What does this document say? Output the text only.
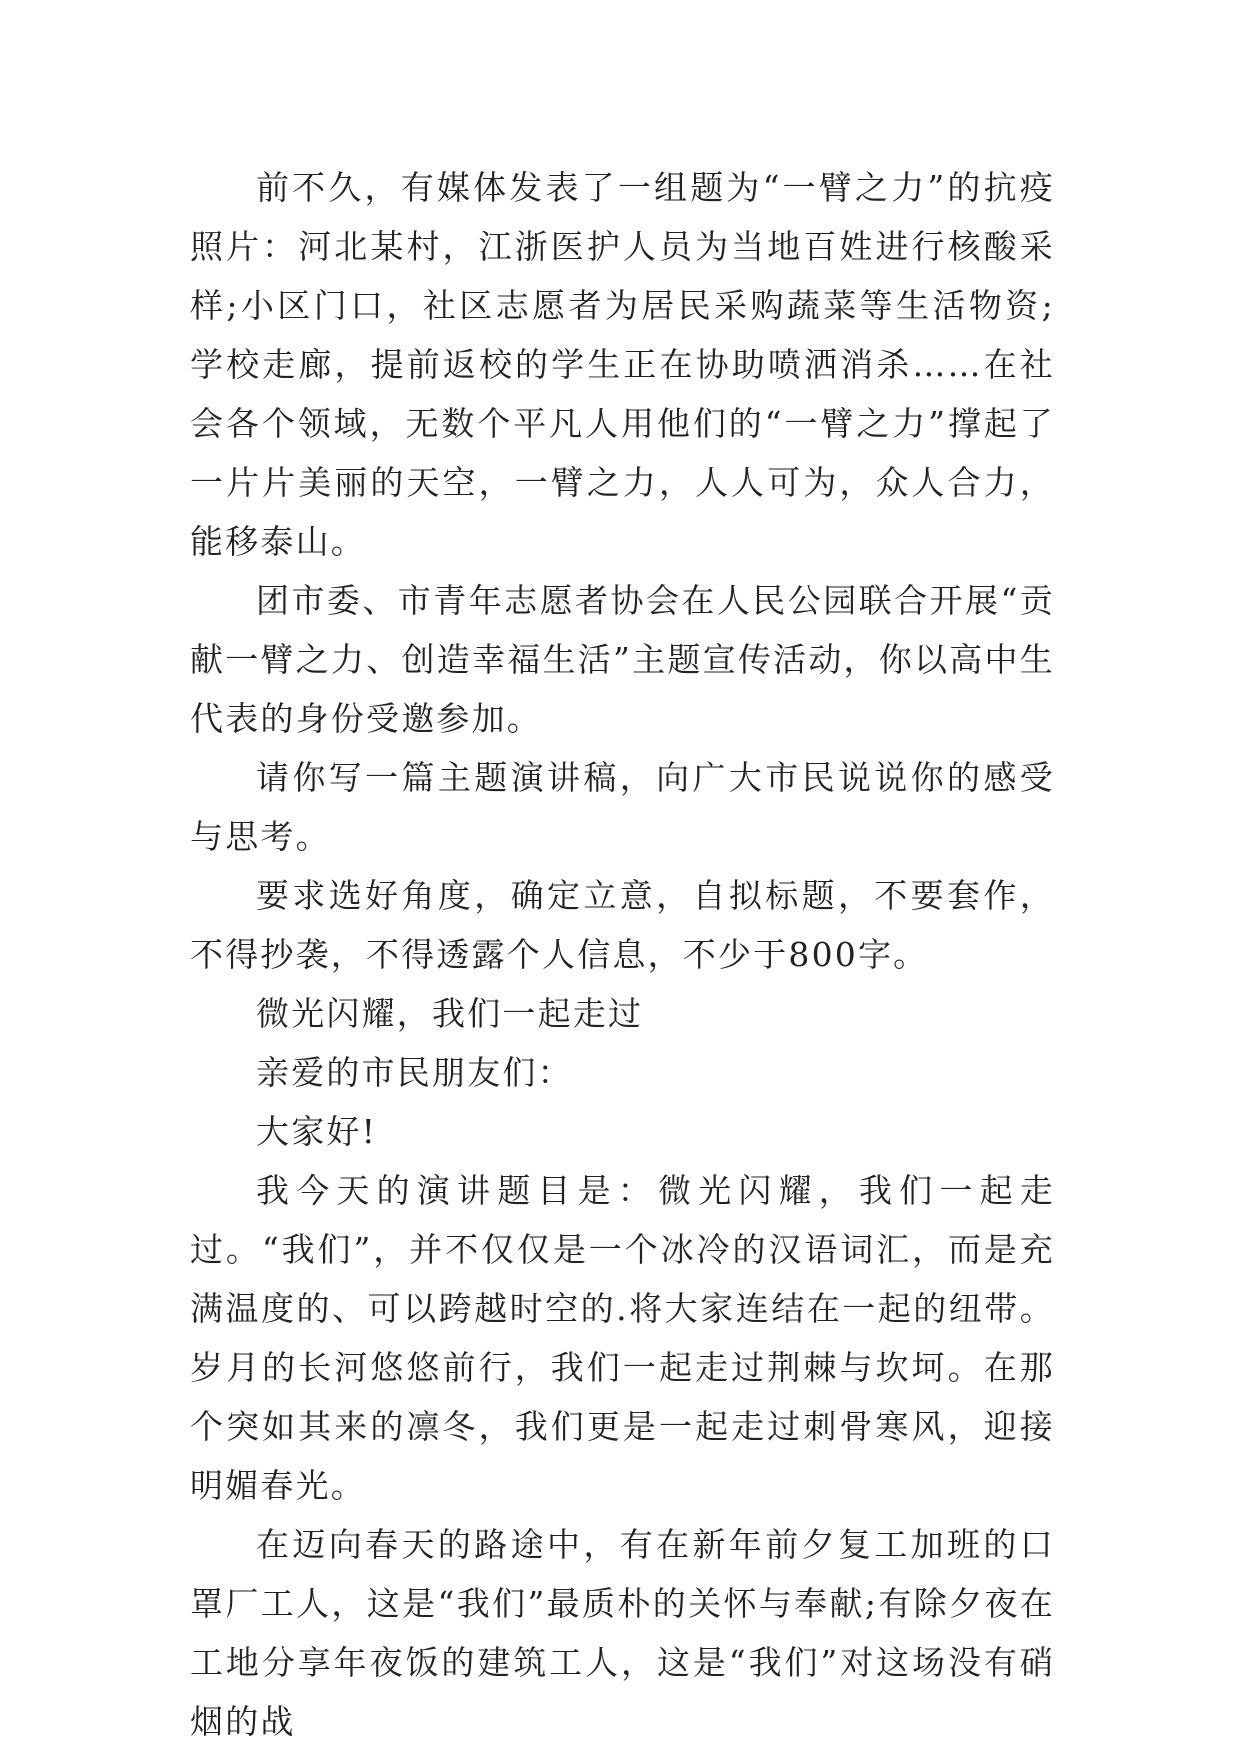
前不久，有媒体发表了一组题为“一臂之力”的抗疫照片：河北某村，江浙医护人员为当地百姓进行核酸采样;小区门口，社区志愿者为居民采购蔬菜等生活物资;学校走廊，提前返校的学生正在协助喷洒消杀……在社会各个领域，无数个平凡人用他们的“一臂之力”撑起了一片片美丽的天空，一臂之力，人人可为，众人合力，能移泰山。

团市委、市青年志愿者协会在人民公园联合开展“贡献一臂之力、创造幸福生活”主题宣传活动，你以高中生代表的身份受邀参加。

请你写一篇主题演讲稿，向广大市民说说你的感受与思考。

要求选好角度，确定立意，自拟标题，不要套作，不得抄袭，不得透露个人信息，不少于800字。

微光闪耀，我们一起走过

亲爱的市民朋友们：

大家好!

我今天的演讲题目是：微光闪耀，我们一起走过。“我们”，并不仅仅是一个冰冷的汉语词汇，而是充满温度的、可以跨越时空的.将大家连结在一起的纽带。岁月的长河悠悠前行，我们一起走过荆棘与坎坷。在那个突如其来的凛冬，我们更是一起走过刺骨寒风，迎接明媚春光。

在迈向春天的路途中，有在新年前夕复工加班的口罩厂工人，这是“我们”最质朴的关怀与奉献;有除夕夜在工地分享年夜饭的建筑工人，这是“我们”对这场没有硝烟的战
